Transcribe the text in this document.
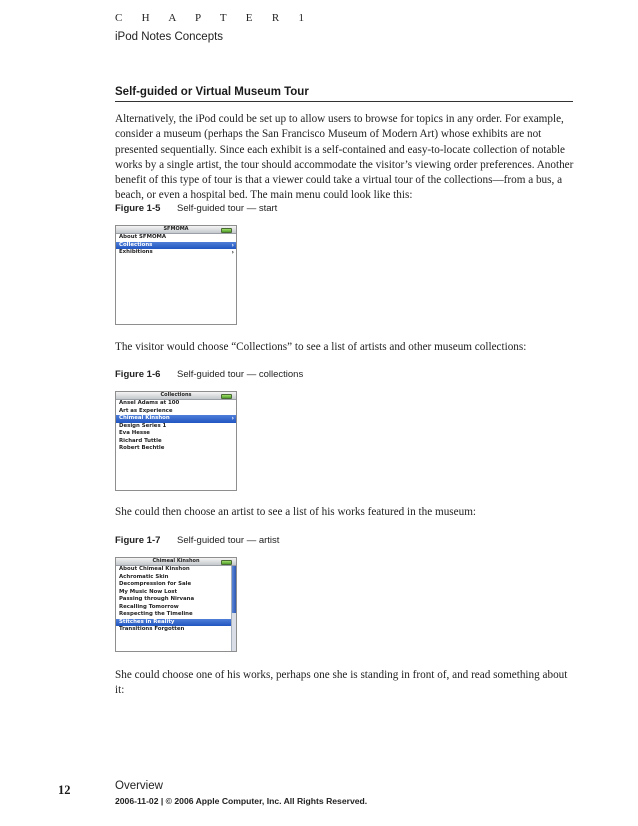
C H A P T E R 1
iPod Notes Concepts
Self-guided or Virtual Museum Tour
Alternatively, the iPod could be set up to allow users to browse for topics in any order. For example, consider a museum (perhaps the San Francisco Museum of Modern Art) whose exhibits are not presented sequentially. Since each exhibit is a self-contained and easy-to-locate collection of notable works by a single artist, the tour should accommodate the visitor’s viewing order preferences. Another benefit of this type of tour is that a viewer could take a virtual tour of the collections—from a bus, a beach, or even a hospital bed. The main menu could look like this:
Figure 1-5 Self-guided tour — start
SFMOMA
About SFMOMA
Collections	›
Exhibitions	›
The visitor would choose “Collections” to see a list of artists and other museum collections:
Figure 1-6 Self-guided tour — collections
Collections
Ansel Adams at 100
Art as Experience
Chimeal Kinshon	›
Design Series 1
Eva Hesse
Richard Tuttle
Robert Bechtle
She could then choose an artist to see a list of his works featured in the museum:
Figure 1-7 Self-guided tour — artist
Chimeal Kinshon
About Chimeal Kinshon
Achromatic Skin
Decompression for Sale
My Music Now Lost
Passing through Nirvana
Recalling Tomorrow
Respecting the Timeline
Stitches in Reality
Transitions Forgotten
She could choose one of his works, perhaps one she is standing in front of, and read something about it:
12	Overview
2006-11-02 | © 2006 Apple Computer, Inc. All Rights Reserved.
